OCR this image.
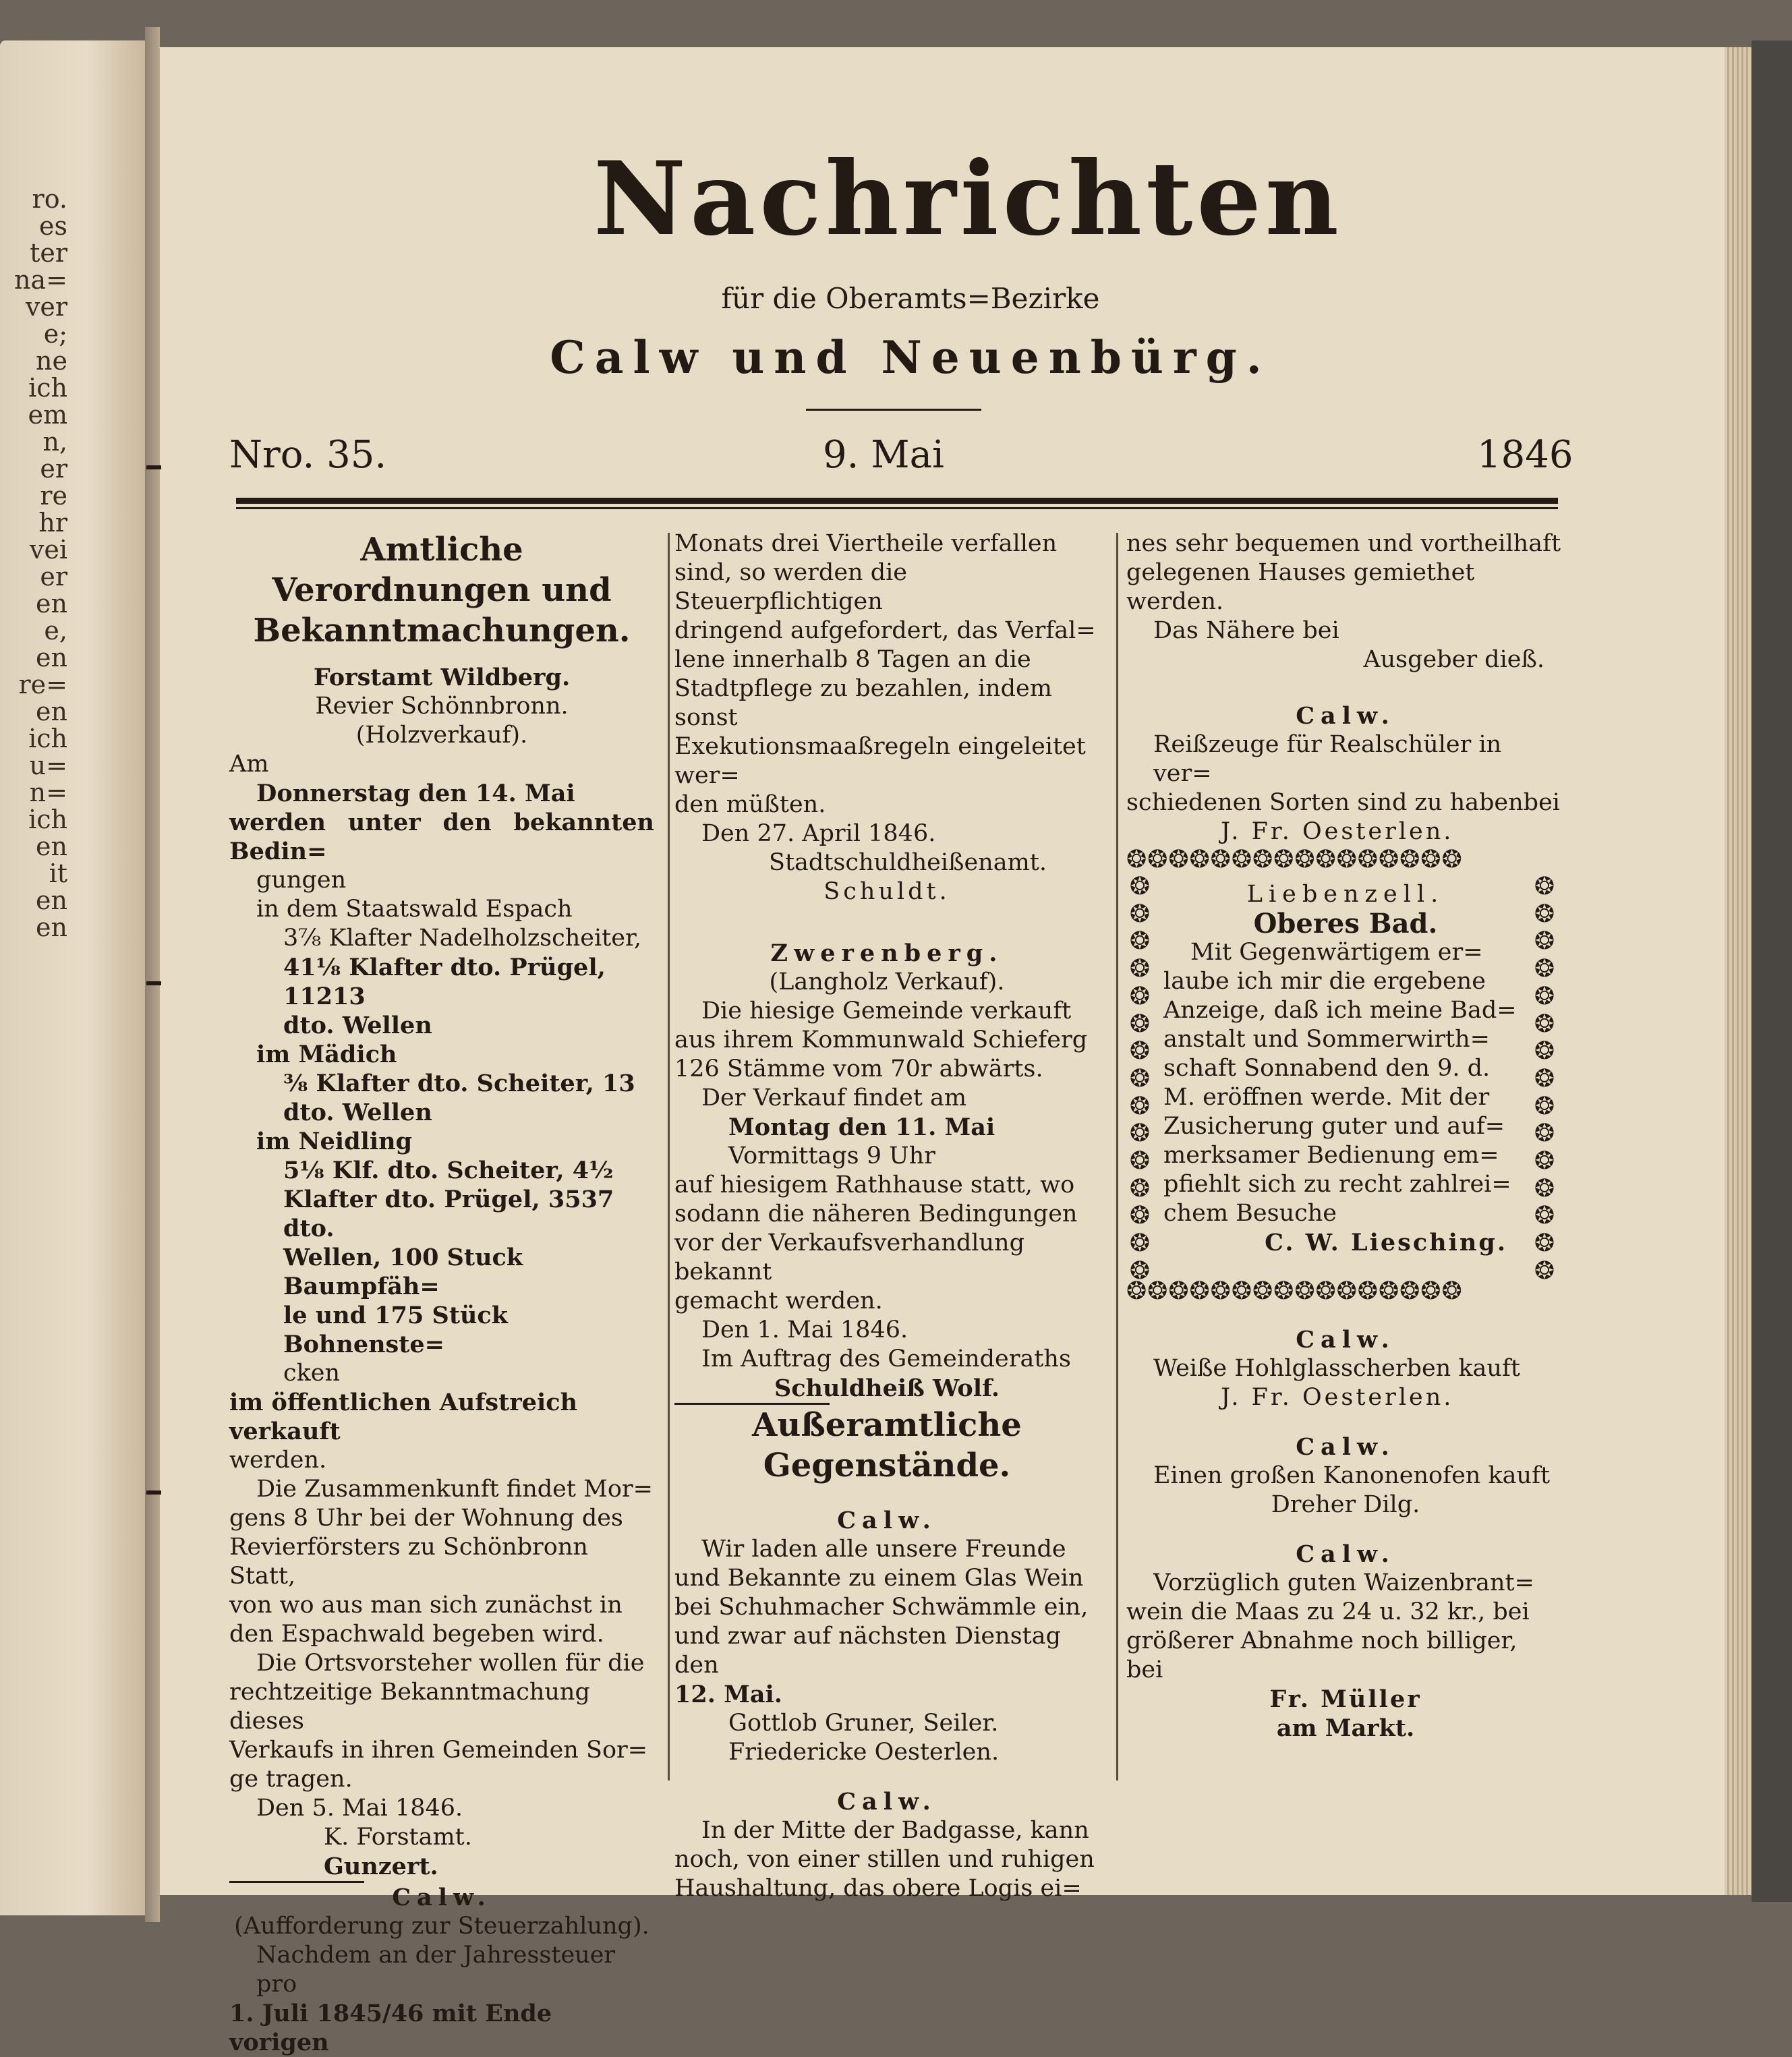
ro.
es
ter
na=
ver
e;
ne
ich
em
n,
er
re
hr
vei
er
en
e,
en
re=
en
ich
u=
n=
ich
en
it
en
en
Nachrichten
für die Oberamts=Bezirke
Calw und Neuenbürg.
Nro. 35.	9. Mai	1846
Amtliche Verordnungen und Bekanntmachungen.
Forstamt Wildberg.
Revier Schönnbronn.
(Holzverkauf).
Am
Donnerstag den 14. Mai
werden unter den bekannten Bedin=
gungen
in dem Staatswald Espach
3⅞ Klafter Nadelholzscheiter,
41⅛ Klafter dto. Prügel, 11213
dto. Wellen
im Mädich
⅜ Klafter dto. Scheiter, 13
dto. Wellen
im Neidling
5⅛ Klf. dto. Scheiter, 4½
Klafter dto. Prügel, 3537 dto.
Wellen, 100 Stuck Baumpfäh=
le und 175 Stück Bohnenste=
cken
im öffentlichen Aufstreich verkauft
werden.
Die Zusammenkunft findet Mor=
gens 8 Uhr bei der Wohnung des
Revierförsters zu Schönbronn Statt,
von wo aus man sich zunächst in
den Espachwald begeben wird.
Die Ortsvorsteher wollen für die
rechtzeitige Bekanntmachung dieses
Verkaufs in ihren Gemeinden Sor=
ge tragen.
Den 5. Mai 1846.
K. Forstamt.
Gunzert.
Calw.
(Aufforderung zur Steuerzahlung).
Nachdem an der Jahressteuer pro
1. Juli 1845/46 mit Ende vorigen
Monats drei Viertheile verfallen
sind, so werden die Steuerpflichtigen
dringend aufgefordert, das Verfal=
lene innerhalb 8 Tagen an die
Stadtpflege zu bezahlen, indem sonst
Exekutionsmaaßregeln eingeleitet wer=
den müßten.
Den 27. April 1846.
Stadtschuldheißenamt.
Schuldt.
Zwerenberg.
(Langholz Verkauf).
Die hiesige Gemeinde verkauft
aus ihrem Kommunwald Schieferg
126 Stämme vom 70r abwärts.
Der Verkauf findet am
Montag den 11. Mai
Vormittags 9 Uhr
auf hiesigem Rathhause statt, wo
sodann die näheren Bedingungen
vor der Verkaufsverhandlung bekannt
gemacht werden.
Den 1. Mai 1846.
Im Auftrag des Gemeinderaths
Schuldheiß Wolf.
Außeramtliche Gegenstände.
Calw.
Wir laden alle unsere Freunde
und Bekannte zu einem Glas Wein
bei Schuhmacher Schwämmle ein,
und zwar auf nächsten Dienstag den
12. Mai.
Gottlob Gruner, Seiler.
Friedericke Oesterlen.
Calw.
In der Mitte der Badgasse, kann
noch, von einer stillen und ruhigen
Haushaltung, das obere Logis ei=
nes sehr bequemen und vortheilhaft
gelegenen Hauses gemiethet werden.
Das Nähere bei
Ausgeber dieß.
Calw.
Reißzeuge für Realschüler in ver=
schiedenen Sorten sind zu habenbei
J. Fr. Oesterlen.
❂❂❂❂❂❂❂❂❂❂❂❂❂❂❂❂
❂
❂
❂
❂
❂
❂
❂
❂
❂
❂
❂
❂
❂
❂
❂
❂
❂
❂
❂
❂
❂
❂
❂
❂
❂
❂
❂
❂
❂
❂
❂❂❂❂❂❂❂❂❂❂❂❂❂❂❂❂
Liebenzell.
Oberes Bad.
Mit Gegenwärtigem er=
laube ich mir die ergebene
Anzeige, daß ich meine Bad=
anstalt und Sommerwirth=
schaft Sonnabend den 9. d.
M. eröffnen werde. Mit der
Zusicherung guter und auf=
merksamer Bedienung em=
pfiehlt sich zu recht zahlrei=
chem Besuche
C. W. Liesching.
Calw.
Weiße Hohlglasscherben kauft
J. Fr. Oesterlen.
Calw.
Einen großen Kanonenofen kauft
Dreher Dilg.
Calw.
Vorzüglich guten Waizenbrant=
wein die Maas zu 24 u. 32 kr., bei
größerer Abnahme noch billiger,
bei
Fr. Müller
am Markt.
